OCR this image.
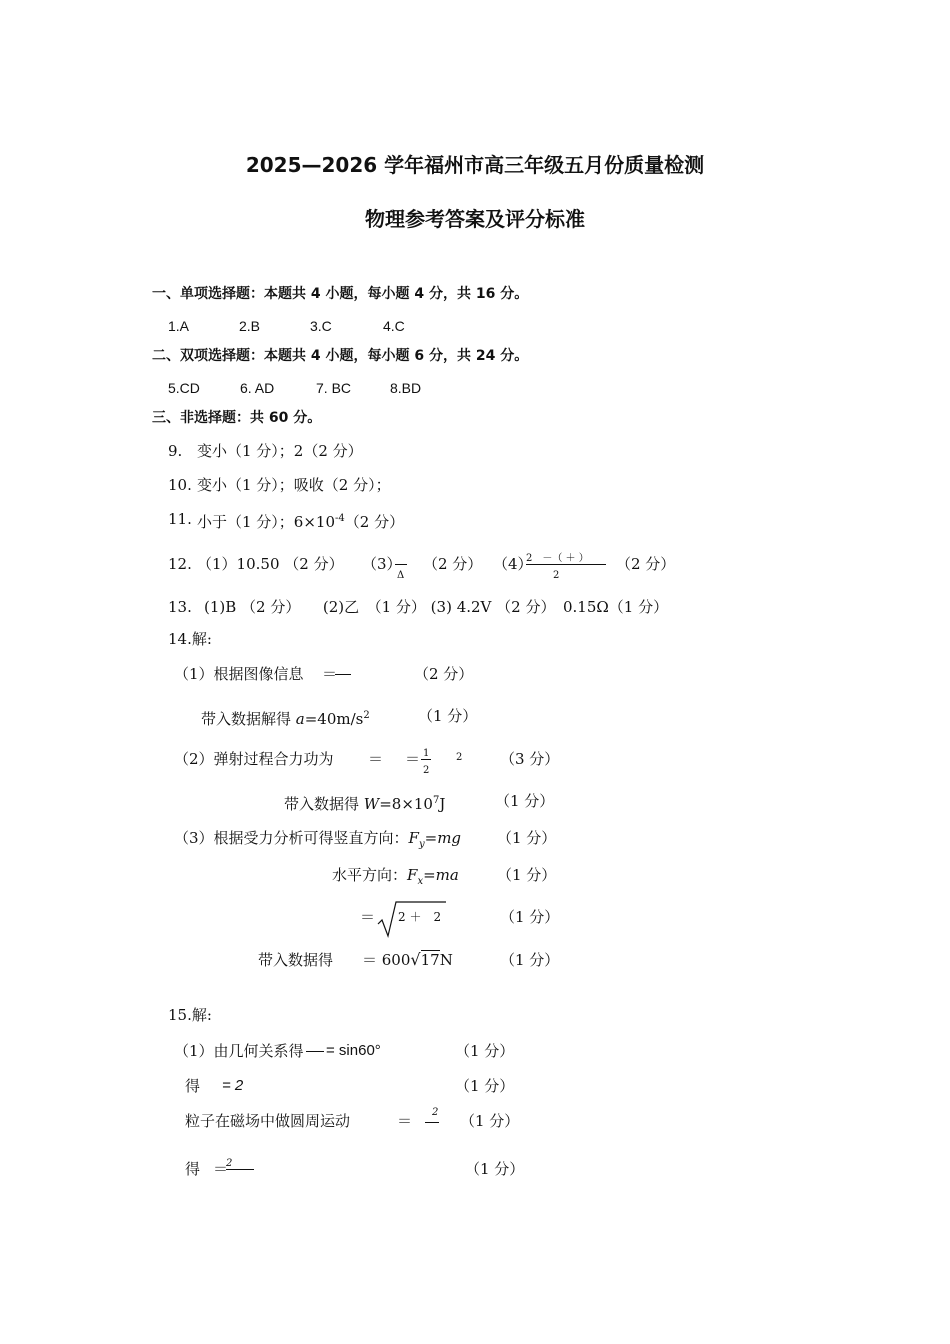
2025—2026 学年福州市高三年级五月份质量检测
物理参考答案及评分标准
一、单项选择题：本题共 4 小题，每小题 4 分，共 16 分。
1.A	2.B	3.C	4.C
二、双项选择题：本题共 4 小题，每小题 6 分，共 24 分。
5.CD	6. AD	7. BC	8.BD
三、非选择题：共 60 分。
9. 变小（1 分）；2（2 分）
10. 变小（1 分）；吸收（2 分）；
11. 小于（1 分）；$6\times 10^{-4}(2$ 分）
12. （1）10.50 （2 分） （3）
Δ
（2 分） （4）
2　－（ ＋ ）
2
（2 分）
13. (1)B （2 分）　　(2)乙　（1 分） (3) 4.2V （2 分）　0.15Ω（1 分）
14.解:
（1）根据图像信息 ＝	（2 分）
带入数据解得 $a=40m/s^2$	（1 分）
（2）弹射过程合力功为 ＝ ＝ 1
2
2	（3 分）
带入数据得 $W=8\times 10^7J$	（1 分）
（3）根据受力分析可得竖直方向：$F_y=mg$ （1 分）
水平方向：$F_x=ma$	（1 分）
＝ 2 ＋　2	（1 分）
带入数据得 ＝ 600√17N	（1 分）
15.解:
（1）由几何关系得 = sin60°	（1 分）
得 = 2	（1 分）
粒子在磁场中做圆周运动	＝ 2 （1 分）
得 ＝
2	（1 分）
